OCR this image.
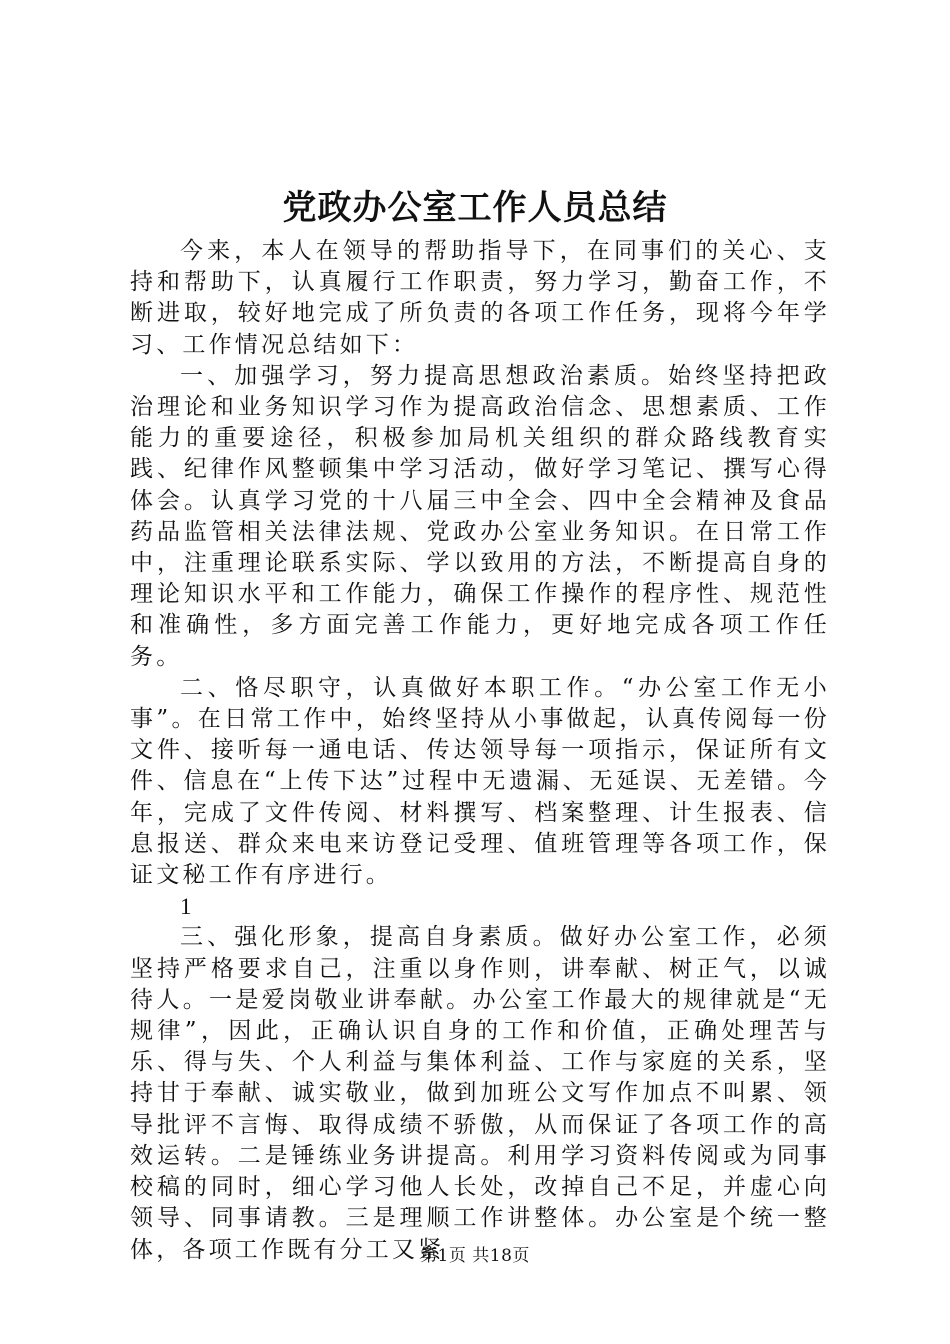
党政办公室工作人员总结

今来，本人在领导的帮助指导下，在同事们的关心、支持和帮助下，认真履行工作职责，努力学习，勤奋工作，不断进取，较好地完成了所负责的各项工作任务，现将今年学习、工作情况总结如下：

一、加强学习，努力提高思想政治素质。始终坚持把政治理论和业务知识学习作为提高政治信念、思想素质、工作能力的重要途径，积极参加局机关组织的群众路线教育实践、纪律作风整顿集中学习活动，做好学习笔记、撰写心得体会。认真学习党的十八届三中全会、四中全会精神及食品药品监管相关法律法规、党政办公室业务知识。在日常工作中，注重理论联系实际、学以致用的方法，不断提高自身的理论知识水平和工作能力，确保工作操作的程序性、规范性和准确性，多方面完善工作能力，更好地完成各项工作任务。

二、恪尽职守，认真做好本职工作。“办公室工作无小事”。在日常工作中，始终坚持从小事做起，认真传阅每一份文件、接听每一通电话、传达领导每一项指示，保证所有文件、信息在“上传下达”过程中无遗漏、无延误、无差错。今年，完成了文件传阅、材料撰写、档案整理、计生报表、信息报送、群众来电来访登记受理、值班管理等各项工作，保证文秘工作有序进行。

1

三、强化形象，提高自身素质。做好办公室工作，必须坚持严格要求自己，注重以身作则，讲奉献、树正气，以诚待人。一是爱岗敬业讲奉献。办公室工作最大的规律就是“无规律”，因此，正确认识自身的工作和价值，正确处理苦与乐、得与失、个人利益与集体利益、工作与家庭的关系，坚持甘于奉献、诚实敬业，做到加班公文写作加点不叫累、领导批评不言悔、取得成绩不骄傲，从而保证了各项工作的高效运转。二是锤练业务讲提高。利用学习资料传阅或为同事校稿的同时，细心学习他人长处，改掉自己不足，并虚心向领导、同事请教。三是理顺工作讲整体。办公室是个统一整体，各项工作既有分工又紧

第1页 共18页
